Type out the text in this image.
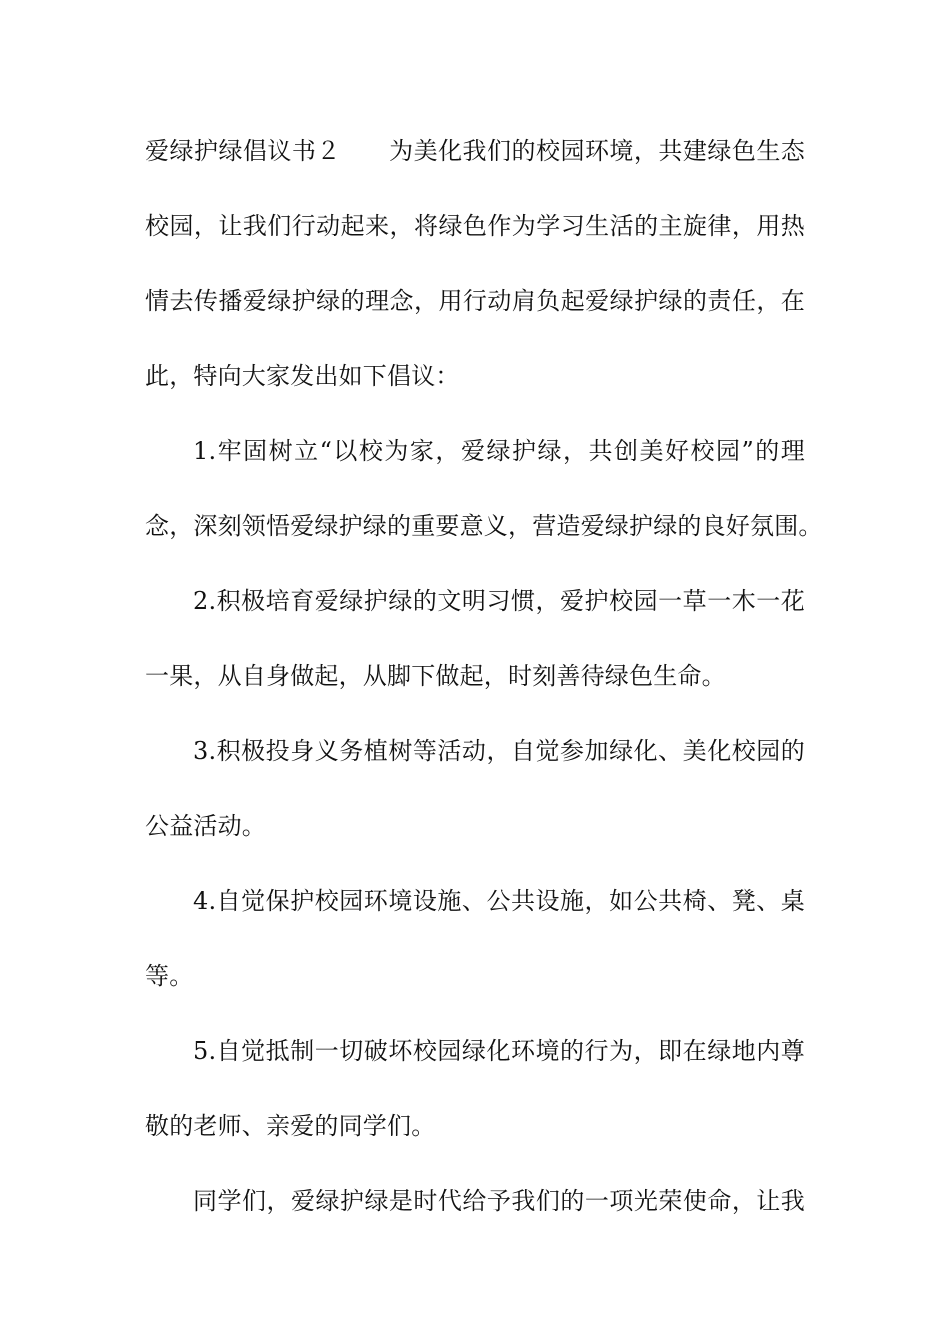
爱绿护绿倡议书２ 为美化我们的校园环境，共建绿色生态
校园，让我们行动起来，将绿色作为学习生活的主旋律，用热
情去传播爱绿护绿的理念，用行动肩负起爱绿护绿的责任，在
此，特向大家发出如下倡议：
1.牢固树立“以校为家，爱绿护绿，共创美好校园”的理
念，深刻领悟爱绿护绿的重要意义，营造爱绿护绿的良好氛围。
2.积极培育爱绿护绿的文明习惯，爱护校园一草一木一花
一果，从自身做起，从脚下做起，时刻善待绿色生命。
3.积极投身义务植树等活动，自觉参加绿化、美化校园的
公益活动。
4.自觉保护校园环境设施、公共设施，如公共椅、凳、桌
等。
5.自觉抵制一切破坏校园绿化环境的行为，即在绿地内尊
敬的老师、亲爱的同学们。
同学们，爱绿护绿是时代给予我们的一项光荣使命，让我
